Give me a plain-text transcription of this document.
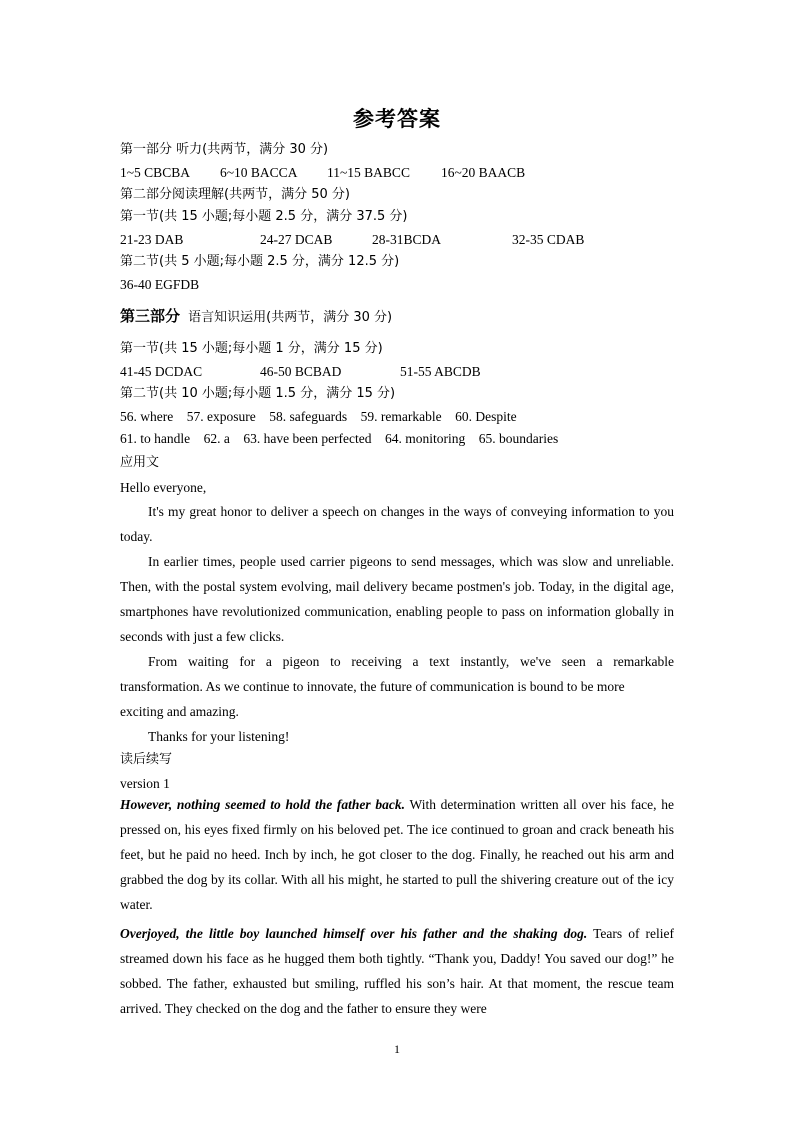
参考答案
第一部分 听力(共两节，满分 30 分)
1~5 CBCBA 6~10 BACCA 11~15 BABCC 16~20 BAACB
第二部分阅读理解(共两节，满分 50 分)
第一节(共 15 小题;每小题 2.5 分，满分 37.5 分)
21-23 DAB	24-27 DCAB	28-31BCDA	32-35 CDAB
第二节(共 5 小题;每小题 2.5 分，满分 12.5 分)
36-40 EGFDB
第三部分 语言知识运用(共两节，满分 30 分)
第一节(共 15 小题;每小题 1 分，满分 15 分)
41-45 DCDAC	46-50 BCBAD	51-55 ABCDB
第二节(共 10 小题;每小题 1.5 分，满分 15 分)
56. where    57. exposure    58. safeguards    59. remarkable    60. Despite
61. to handle    62. a    63. have been perfected    64. monitoring    65. boundaries
应用文
Hello everyone,
It's my great honor to deliver a speech on changes in the ways of conveying information to you today.
In earlier times, people used carrier pigeons to send messages, which was slow and unreliable. Then, with the postal system evolving, mail delivery became postmen's job. Today, in the digital age, smartphones have revolutionized communication, enabling people to pass on information globally in seconds with just a few clicks.
From waiting for a pigeon to receiving a text instantly, we've seen a remarkable
transformation. As we continue to innovate, the future of communication is bound to be more
exciting and amazing.
Thanks for your listening!
读后续写
version 1
However, nothing seemed to hold the father back. With determination written all over his face, he pressed on, his eyes fixed firmly on his beloved pet. The ice continued to groan and crack beneath his feet, but he paid no heed. Inch by inch, he got closer to the dog. Finally, he reached out his arm and grabbed the dog by its collar. With all his might, he started to pull the shivering creature out of the icy water.
Overjoyed, the little boy launched himself over his father and the shaking dog. Tears of relief streamed down his face as he hugged them both tightly. “Thank you, Daddy! You saved our dog!” he sobbed. The father, exhausted but smiling, ruffled his son’s hair. At that moment, the rescue team arrived. They checked on the dog and the father to ensure they were
1
